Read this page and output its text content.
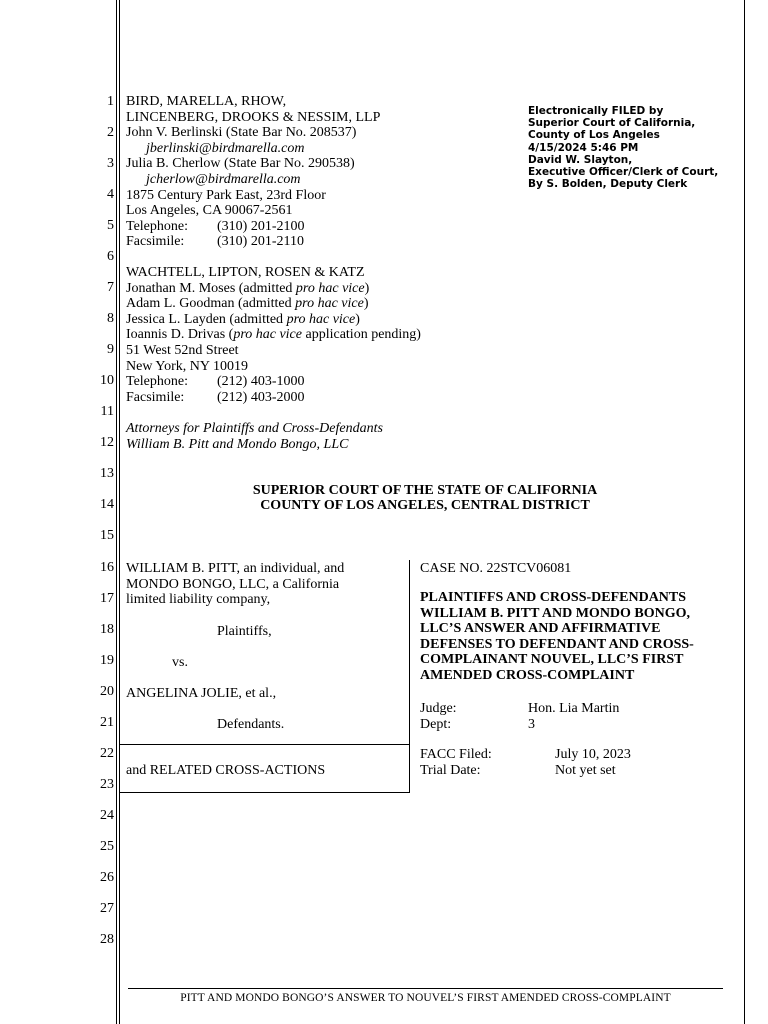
1
2
3
4
5
6
7
8
9
10
11
12
13
14
15
16
17
18
19
20
21
22
23
24
25
26
27
28
BIRD, MARELLA, RHOW,
LINCENBERG, DROOKS & NESSIM, LLP
John V. Berlinski (State Bar No. 208537)
jberlinski@birdmarella.com
Julia B. Cherlow (State Bar No. 290538)
jcherlow@birdmarella.com
1875 Century Park East, 23rd Floor
Los Angeles, CA 90067-2561
Telephone: (310) 201-2100
Facsimile: (310) 201-2110
WACHTELL, LIPTON, ROSEN & KATZ
Jonathan M. Moses (admitted pro hac vice)
Adam L. Goodman (admitted pro hac vice)
Jessica L. Layden (admitted pro hac vice)
Ioannis D. Drivas (pro hac vice application pending)
51 West 52nd Street
New York, NY 10019
Telephone: (212) 403-1000
Facsimile: (212) 403-2000
Attorneys for Plaintiffs and Cross-Defendants
William B. Pitt and Mondo Bongo, LLC
Electronically FILED by
Superior Court of California,
County of Los Angeles
4/15/2024 5:46 PM
David W. Slayton,
Executive Officer/Clerk of Court,
By S. Bolden, Deputy Clerk
SUPERIOR COURT OF THE STATE OF CALIFORNIA
COUNTY OF LOS ANGELES, CENTRAL DISTRICT
WILLIAM B. PITT, an individual, and
MONDO BONGO, LLC, a California
limited liability company,
Plaintiffs,
vs.
ANGELINA JOLIE, et al.,
Defendants.
and RELATED CROSS-ACTIONS
CASE NO. 22STCV06081
PLAINTIFFS AND CROSS-DEFENDANTS
WILLIAM B. PITT AND MONDO BONGO,
LLC’S ANSWER AND AFFIRMATIVE
DEFENSES TO DEFENDANT AND CROSS-
COMPLAINANT NOUVEL, LLC’S FIRST
AMENDED CROSS-COMPLAINT
Judge:	Hon. Lia Martin
Dept:	3
FACC Filed:	July 10, 2023
Trial Date:	Not yet set
PITT AND MONDO BONGO’S ANSWER TO NOUVEL’S FIRST AMENDED CROSS-COMPLAINT
